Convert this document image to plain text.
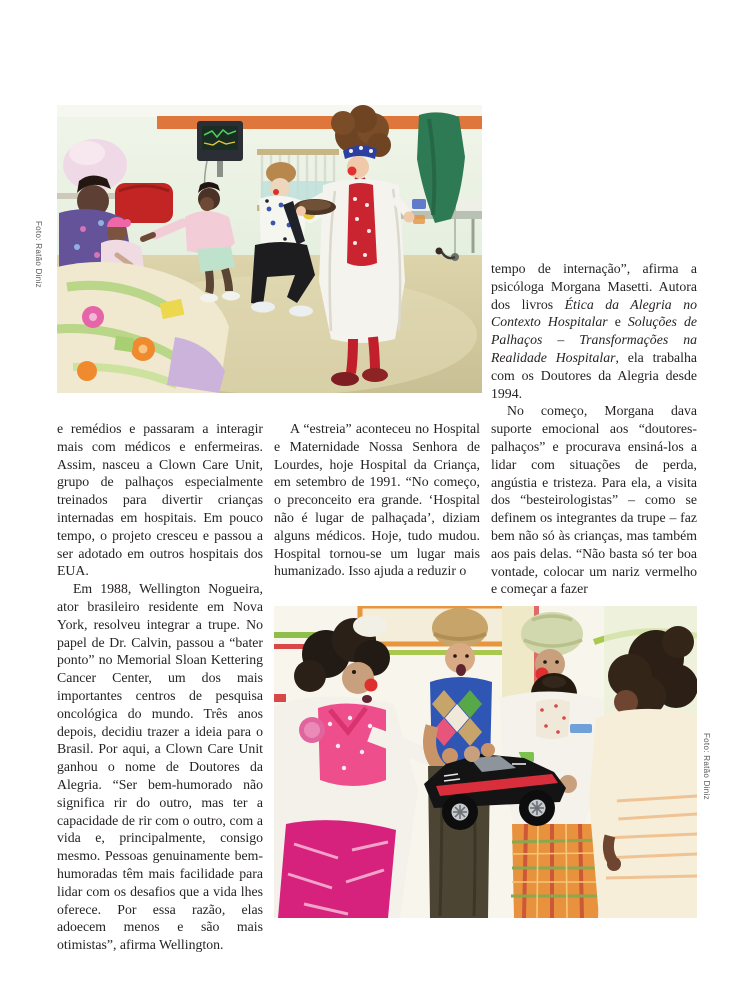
Foto: Ratão Diniz
Foto: Ratão Diniz

e remédios e passaram a interagir mais com médicos e enfermeiras. Assim, nasceu a Clown Care Unit, grupo de palhaços especialmente treinados para divertir crianças internadas em hospitais. Em pouco tempo, o projeto cresceu e passou a ser adotado em outros hospitais dos EUA.

Em 1988, Wellington Nogueira, ator brasileiro residente em Nova York, resolveu integrar a trupe. No papel de Dr. Calvin, passou a “bater ponto” no Memorial Sloan Kettering Cancer Center, um dos mais importantes centros de pesquisa oncológica do mundo. Três anos depois, decidiu trazer a ideia para o Brasil. Por aqui, a Clown Care Unit ganhou o nome de Doutores da Alegria. “Ser bem-humorado não significa rir do outro, mas ter a capacidade de rir com o outro, com a vida e, principalmente, consigo mesmo. Pessoas genuinamente bem-humoradas têm mais facilidade para lidar com os desafios que a vida lhes oferece. Por essa razão, elas adoecem menos e são mais otimistas”, afirma Wellington.

A “estreia” aconteceu no Hospital e Maternidade Nossa Senhora de Lourdes, hoje Hospital da Criança, em setembro de 1991. “No começo, o preconceito era grande. ‘Hospital não é lugar de palhaçada’, diziam alguns médicos. Hoje, tudo mudou. Hospital tornou-se um lugar mais humanizado. Isso ajuda a reduzir o

tempo de internação”, afirma a psicóloga Morgana Masetti. Autora dos livros Ética da Alegria no Contexto Hospitalar e Soluções de Palhaços – Transformações na Realidade Hospitalar, ela trabalha com os Doutores da Alegria desde 1994.

No começo, Morgana dava suporte emocional aos “doutores-palhaços” e procurava ensiná-los a lidar com situações de perda, angústia e tristeza. Para ela, a visita dos “besteirologistas” – como se definem os integrantes da trupe – faz bem não só às crianças, mas também aos pais delas. “Não basta só ter boa vontade, colocar um nariz vermelho e começar a fazer
